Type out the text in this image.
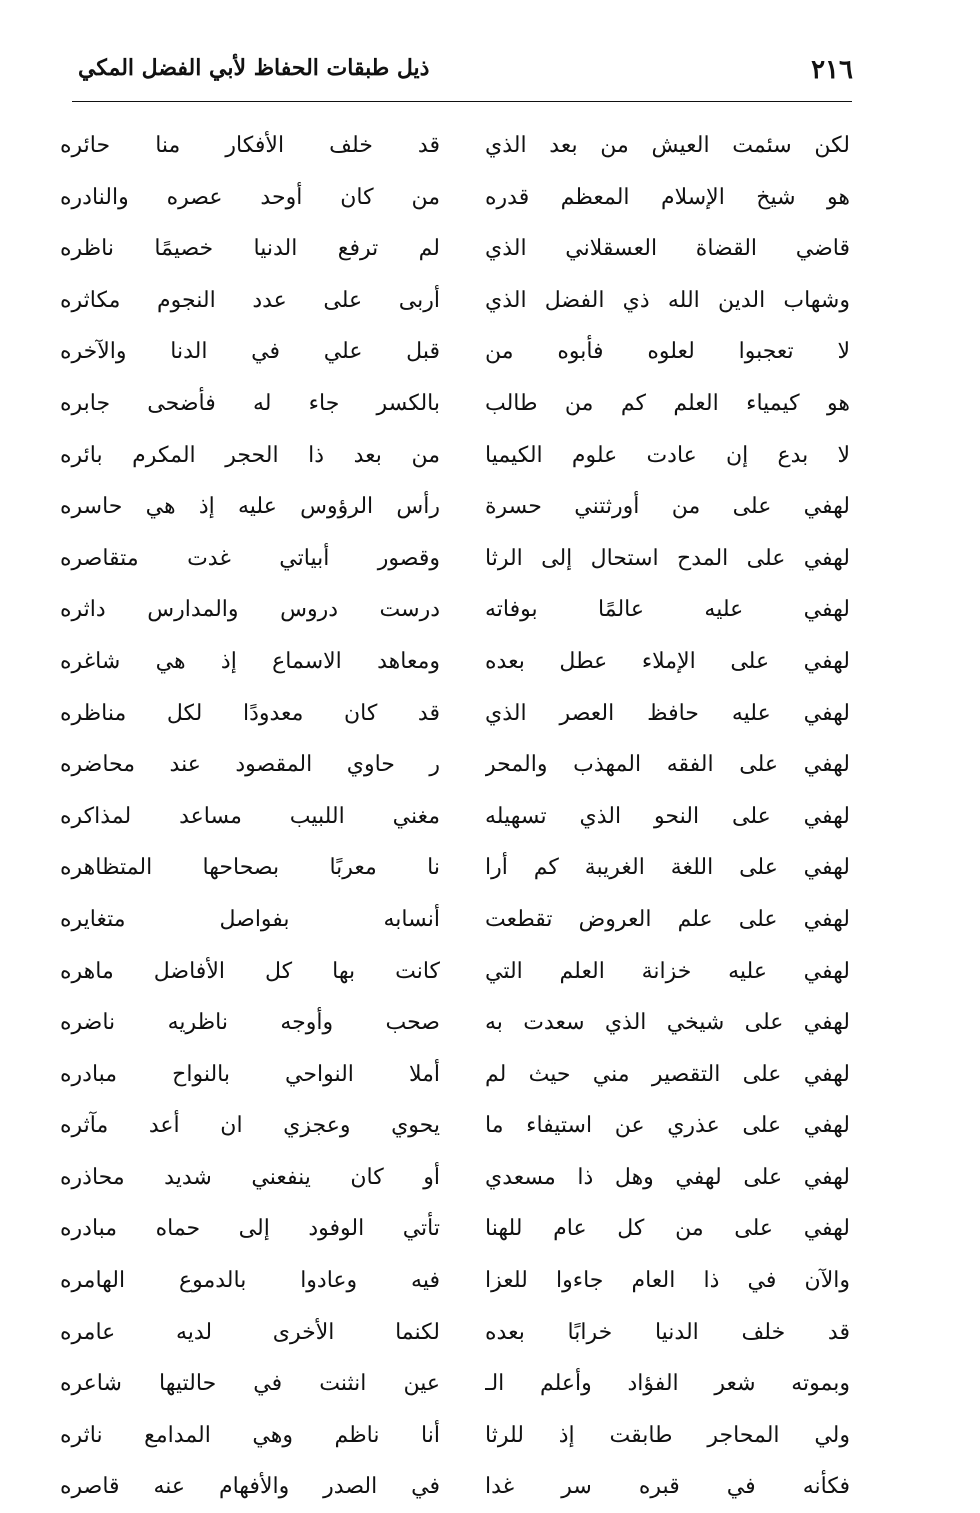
٢١٦
ذيل طبقات الحفاظ لأبي الفضل المكي
لكن سئمت العيش من بعد الذي
هو شيخ الإسلام المعظم قدره
قاضي القضاة العسقلاني الذي
وشهاب الدين الله ذي الفضل الذي
لا تعجبوا لعلوه فأبوه من
هو كيمياء العلم كم من طالب
لا بدع إن عادت علوم الكيميا
لهفي على من أورثتني حسرة
لهفي على المدح استحال إلى الرثا
لهفي عليه عالمًا بوفاته
لهفي على الإملاء عطل بعده
لهفي عليه حافظ العصر الذي
لهفي على الفقه المهذب والمحر
لهفي على النحو الذي تسهيله
لهفي على اللغة الغريبة كم أرا
لهفي على علم العروض تقطعت
لهفي عليه خزانة العلم التي
لهفي على شيخي الذي سعدت به
لهفي على التقصير مني حيث لم
لهفي على عذري عن استيفاء ما
لهفي على لهفي وهل ذا مسعدي
لهفي على من كل عام للهنا
والآن في ذا العام جاءوا للعزا
قد خلف الدنيا خرابًا بعده
وبموته شعر الفؤاد وأعلم الـ
ولي المحاجر طابقت إذ للرثا
فكأنه في قبره سر غدا
قد خلف الأفكار منا حائره
من كان أوحد عصره والنادره
لم ترفع الدنيا خصيمًا ناظره
أربى على عدد النجوم مكاثره
قبل علي في الدنا والآخره
بالكسر جاء له فأضحى جابره
من بعد ذا الحجر المكرم بائره
رأس الرؤوس عليه إذ هي حاسره
وقصور أبياتي غدت متقاصره
درست دروس والمدارس داثره
ومعاهد الاسماع إذ هي شاغره
قد كان معدودًا لكل مناظره
ر حاوي المقصود عند محاضره
مغني اللبيب مساعد لمذاكره
نا معربًا بصحاحها المتظاهره
أنسابه بفواصل متغايره
كانت بها كل الأفاضل ماهره
صحب وأوجه ناظريه ناضره
أملا النواحي بالنواح مبادره
يحوي وعجزي ان أعد مآثره
أو كان ينفعني شديد محاذره
تأتي الوفود إلى حماه مبادره
فيه وعادوا بالدموع الهامره
لكنما الأخرى لديه عامره
عين انثنت في حالتيها شاعره
أنا ناظم وهي المدامع ناثره
في الصدر والأفهام عنه قاصره
